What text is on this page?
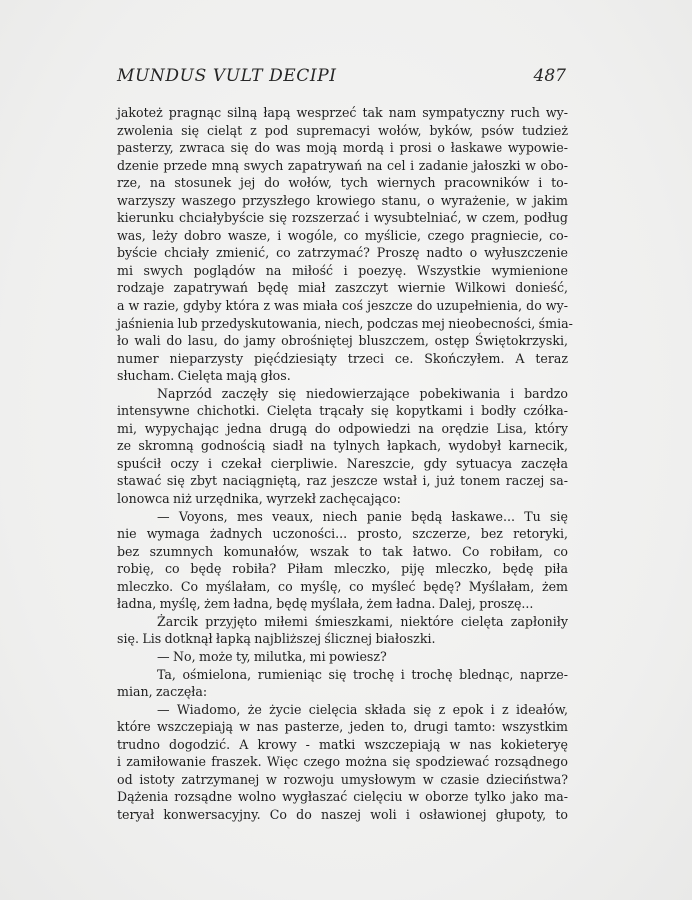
MUNDUS VULT DECIPI	487
jakoteż pragnąc silną łapą wesprzeć tak nam sympatyczny ruch wy-
zwolenia się cieląt z pod supremacyi wołów, byków, psów tudzież
pasterzy, zwraca się do was moją mordą i prosi o łaskawe wypowie-
dzenie przede mną swych zapatrywań na cel i zadanie jałoszki w obo-
rze, na stosunek jej do wołów, tych wiernych pracowników i to-
warzyszy waszego przyszłego krowiego stanu, o wyrażenie, w jakim
kierunku chciałybyście się rozszerzać i wysubtelniać, w czem, podług
was, leży dobro wasze, i wogóle, co myślicie, czego pragniecie, co-
byście chciały zmienić, co zatrzymać? Proszę nadto o wyłuszczenie
mi swych poglądów na miłość i poezyę. Wszystkie wymienione
rodzaje zapatrywań będę miał zaszczyt wiernie Wilkowi donieść,
a w razie, gdyby która z was miała coś jeszcze do uzupełnienia, do wy-
jaśnienia lub przedyskutowania, niech, podczas mej nieobecności, śmia-
ło wali do lasu, do jamy obrośniętej bluszczem, ostęp Świętokrzyski,
numer nieparzysty pięćdziesiąty trzeci ce. Skończyłem. A teraz
słucham. Cielęta mają głos.
Naprzód zaczęły się niedowierzające pobekiwania i bardzo
intensywne chichotki. Cielęta trącały się kopytkami i bodły czółka-
mi, wypychając jedna drugą do odpowiedzi na orędzie Lisa, który
ze skromną godnością siadł na tylnych łapkach, wydobył karnecik,
spuścił oczy i czekał cierpliwie. Nareszcie, gdy sytuacya zaczęła
stawać się zbyt naciągniętą, raz jeszcze wstał i, już tonem raczej sa-
lonowca niż urzędnika, wyrzekł zachęcająco:
— Voyons, mes veaux, niech panie będą łaskawe... Tu się
nie wymaga żadnych uczoności... prosto, szczerze, bez retoryki,
bez szumnych komunałów, wszak to tak łatwo. Co robiłam, co
robię, co będę robiła? Piłam mleczko, piję mleczko, będę piła
mleczko. Co myślałam, co myślę, co myśleć będę? Myślałam, żem
ładna, myślę, żem ładna, będę myślała, żem ładna. Dalej, proszę...
Żarcik przyjęto miłemi śmieszkami, niektóre cielęta zapłoniły
się. Lis dotknął łapką najbliższej ślicznej białoszki.
— No, może ty, milutka, mi powiesz?
Ta, ośmielona, rumieniąc się trochę i trochę blednąc, naprze-
mian, zaczęła:
— Wiadomo, że życie cielęcia składa się z epok i z ideałów,
które wszczepiają w nas pasterze, jeden to, drugi tamto: wszystkim
trudno dogodzić. A krowy - matki wszczepiają w nas kokieteryę
i zamiłowanie fraszek. Więc czego można się spodziewać rozsądnego
od istoty zatrzymanej w rozwoju umysłowym w czasie dzieciństwa?
Dążenia rozsądne wolno wygłaszać cielęciu w oborze tylko jako ma-
teryał konwersacyjny. Co do naszej woli i osławionej głupoty, to
